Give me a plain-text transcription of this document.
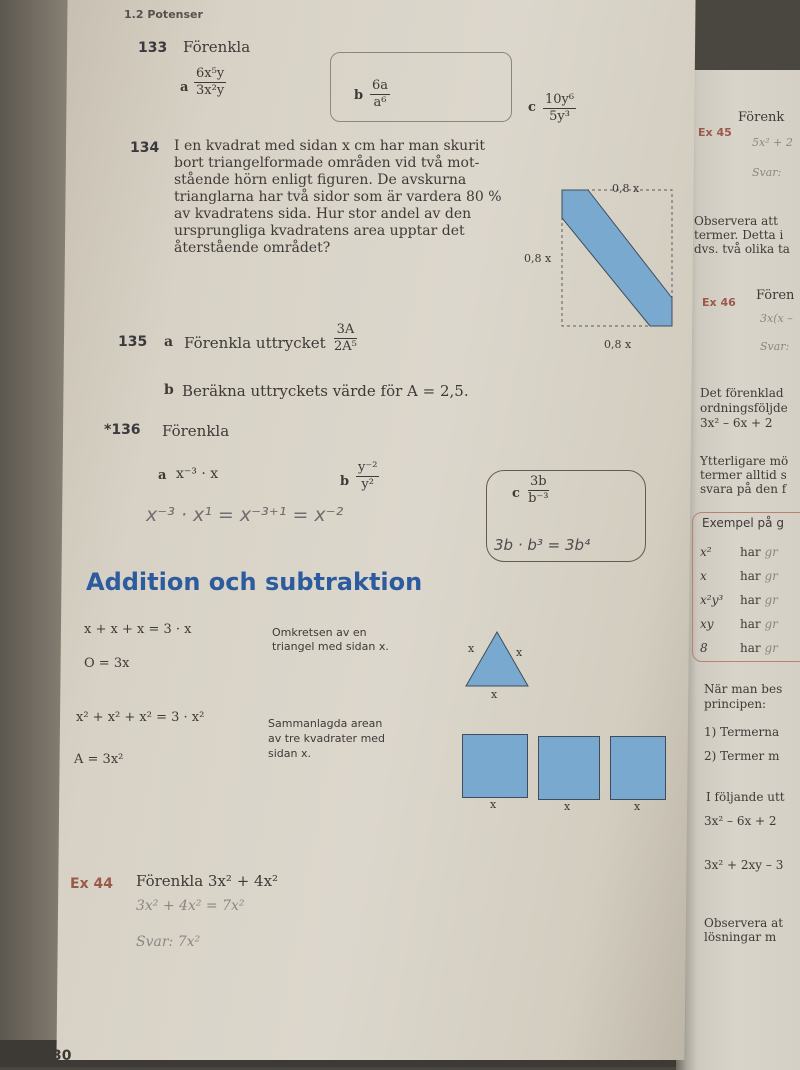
1.2 Potenser
133 Förenkla
a $\frac{\text{6x⁵y}}{\text{3x²y}}$	b $\frac{6a}{\text{a⁶}}$	c $\frac{\text{10y⁶}}{\text{5y³}}$
134 I en kvadrat med sidan x cm har man skurit
bort triangelformade områden vid två mot-
stående hörn enligt figuren. De avskurna
trianglarna har två sidor som är vardera 80 %
av kvadratens sida. Hur stor andel av den
ursprungliga kvadratens area upptar det
återstående området?
0,8 x
0,8 x
0,8 x
135 a Förenkla uttrycket $\frac{3A}{\text{2A⁵}}$
b Beräkna uttryckets värde för A = 2,5.
*136 Förenkla
a x⁻³ · x	b $\frac{\text{y⁻²}}{\text{y²}}$
c $\frac{3b}{\text{b⁻³}}$
x⁻³ · x¹ = x⁻³⁺¹ = x⁻²
3b · b³ = 3b⁴
Addition och subtraktion
x + x + x = 3 · x
O = 3x
Omkretsen av en
triangel med sidan x.	x	x
x
x² + x² + x² = 3 · x²
A = 3x²
Sammanlagda arean
av tre kvadrater med
sidan x.
x	x	x
Ex 44 Förenkla 3x² + 4x²
3x² + 4x² = 7x²
Svar: 7x²
30
Ex 45
Förenk
5x² + 2
Svar:
Observera att
termer. Detta i
dvs. två olika ta
Ex 46 Fören
3x(x –
Svar:
Det förenklad
ordningsföljde
3x² – 6x + 2
Ytterligare mö
termer alltid s
svara på den f
Exempel på g
x² har gr
x	har gr
x²y³ har gr
xy har gr
8	har gr
När man bes
principen:
1) Termerna
2) Termer m
I följande utt
3x² – 6x + 2
3x² + 2xy – 3
Observera at
lösningar m
